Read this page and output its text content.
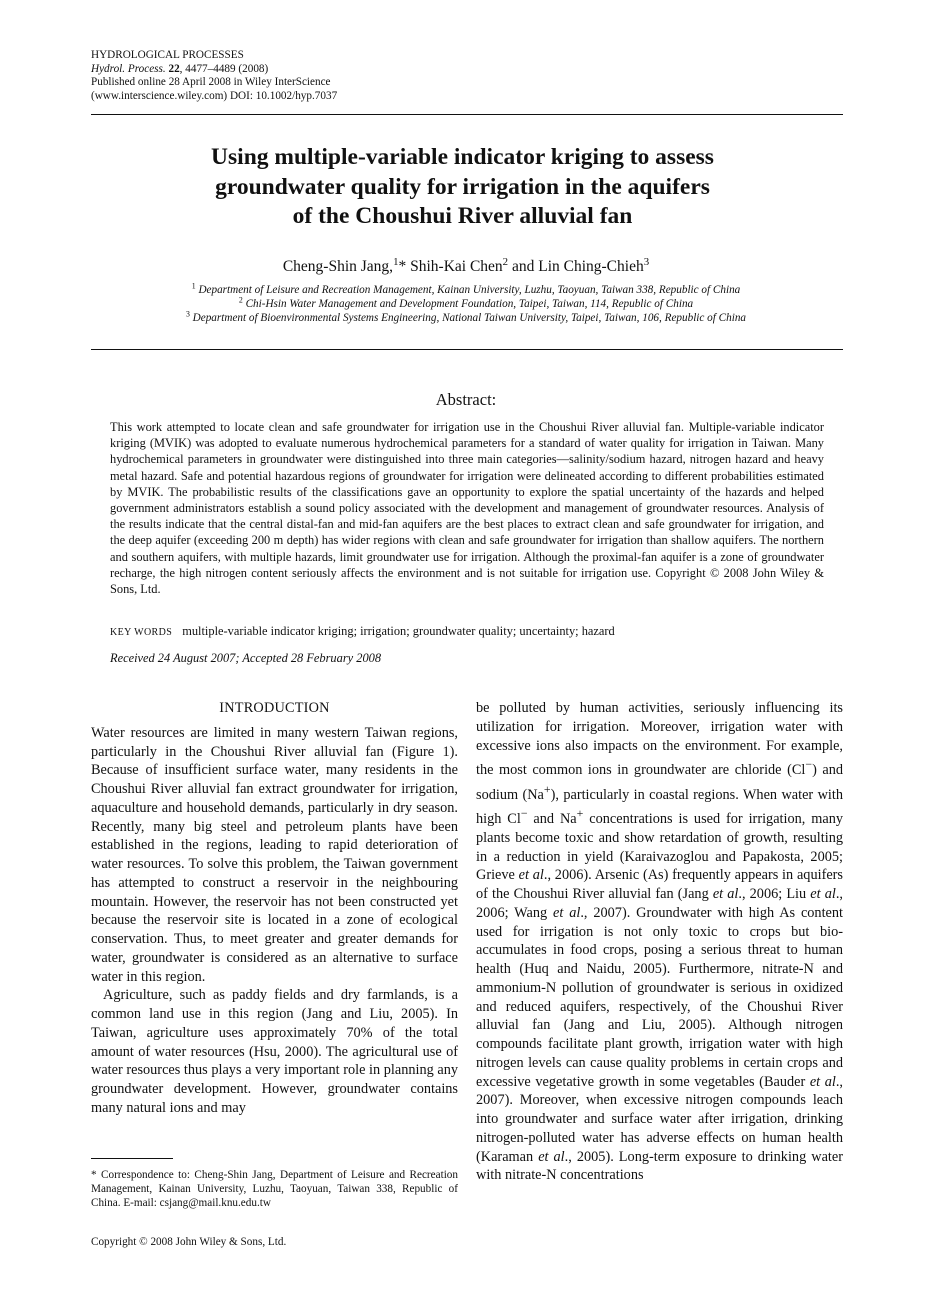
HYDROLOGICAL PROCESSES

Hydrol. Process. 22, 4477–4489 (2008)

Published online 28 April 2008 in Wiley InterScience

(www.interscience.wiley.com) DOI: 10.1002/hyp.7037

Using multiple-variable indicator kriging to assess
groundwater quality for irrigation in the aquifers
of the Choushui River alluvial fan
Cheng-Shin Jang,$^1$* Shih-Kai Chen$^2$ and Lin Ching-Chieh$^3$
$^1$ Department of Leisure and Recreation Management, Kainan University, Luzhu, Taoyuan, Taiwan 338, Republic of China
$^2$ Chi-Hsin Water Management and Development Foundation, Taipei, Taiwan, 114, Republic of China
$^3$ Department of Bioenvironmental Systems Engineering, National Taiwan University, Taipei, Taiwan, 106, Republic of China
Abstract:
This work attempted to locate clean and safe groundwater for irrigation use in the Choushui River alluvial fan. Multiple-variable indicator kriging (MVIK) was adopted to evaluate numerous hydrochemical parameters for a standard of water quality for irrigation in Taiwan. Many hydrochemical parameters in groundwater were distinguished into three main categories—salinity/sodium hazard, nitrogen hazard and heavy metal hazard. Safe and potential hazardous regions of groundwater for irrigation were delineated according to different probabilities estimated by MVIK. The probabilistic results of the classifications gave an opportunity to explore the spatial uncertainty of the hazards and helped government administrators establish a sound policy associated with the development and management of groundwater resources. Analysis of the results indicate that the central distal-fan and mid-fan aquifers are the best places to extract clean and safe groundwater for irrigation, and the deep aquifer (exceeding 200 m depth) has wider regions with clean and safe groundwater for irrigation than shallow aquifers. The northern and southern aquifers, with multiple hazards, limit groundwater use for irrigation. Although the proximal-fan aquifer is a zone of groundwater recharge, the high nitrogen content seriously affects the environment and is not suitable for irrigation use. Copyright © 2008 John Wiley & Sons, Ltd.
KEY WORDS multiple-variable indicator kriging; irrigation; groundwater quality; uncertainty; hazard
Received 24 August 2007; Accepted 28 February 2008

INTRODUCTION

Water resources are limited in many western Taiwan regions, particularly in the Choushui River alluvial fan (Figure 1). Because of insufficient surface water, many residents in the Choushui River alluvial fan extract groundwater for irrigation, aquaculture and household demands, particularly in dry season. Recently, many big steel and petroleum plants have been established in the regions, leading to rapid deterioration of water resources. To solve this problem, the Taiwan government has attempted to construct a reservoir in the neighbouring mountain. However, the reservoir has not been constructed yet because the reservoir site is located in a zone of ecological conservation. Thus, to meet greater and greater demands for water, groundwater is considered as an alternative to surface water in this region.

Agriculture, such as paddy fields and dry farmlands, is a common land use in this region (Jang and Liu, 2005). In Taiwan, agriculture uses approximately 70% of the total amount of water resources (Hsu, 2000). The agricultural use of water resources thus plays a very important role in planning any groundwater development. However, groundwater contains many natural ions and may

* Correspondence to: Cheng-Shin Jang, Department of Leisure and Recreation Management, Kainan University, Luzhu, Taoyuan, Taiwan 338, Republic of China. E-mail: csjang@mail.knu.edu.tw

be polluted by human activities, seriously influencing its utilization for irrigation. Moreover, irrigation water with excessive ions also impacts on the environment. For example, the most common ions in groundwater are chloride (Cl−) and sodium (Na+), particularly in coastal regions. When water with high Cl− and Na+ concentrations is used for irrigation, many plants become toxic and show retardation of growth, resulting in a reduction in yield (Karaivazoglou and Papakosta, 2005; Grieve et al., 2006). Arsenic (As) frequently appears in aquifers of the Choushui River alluvial fan (Jang et al., 2006; Liu et al., 2006; Wang et al., 2007). Groundwater with high As content used for irrigation is not only toxic to crops but bio-accumulates in food crops, posing a serious threat to human health (Huq and Naidu, 2005). Furthermore, nitrate-N and ammonium-N pollution of groundwater is serious in oxidized and reduced aquifers, respectively, of the Choushui River alluvial fan (Jang and Liu, 2005). Although nitrogen compounds facilitate plant growth, irrigation water with high nitrogen levels can cause quality problems in certain crops and excessive vegetative growth in some vegetables (Bauder et al., 2007). Moreover, when excessive nitrogen compounds leach into groundwater and surface water after irrigation, drinking nitrogen-polluted water has adverse effects on human health (Karaman et al., 2005). Long-term exposure to drinking water with nitrate-N concentrations

Copyright © 2008 John Wiley & Sons, Ltd.
